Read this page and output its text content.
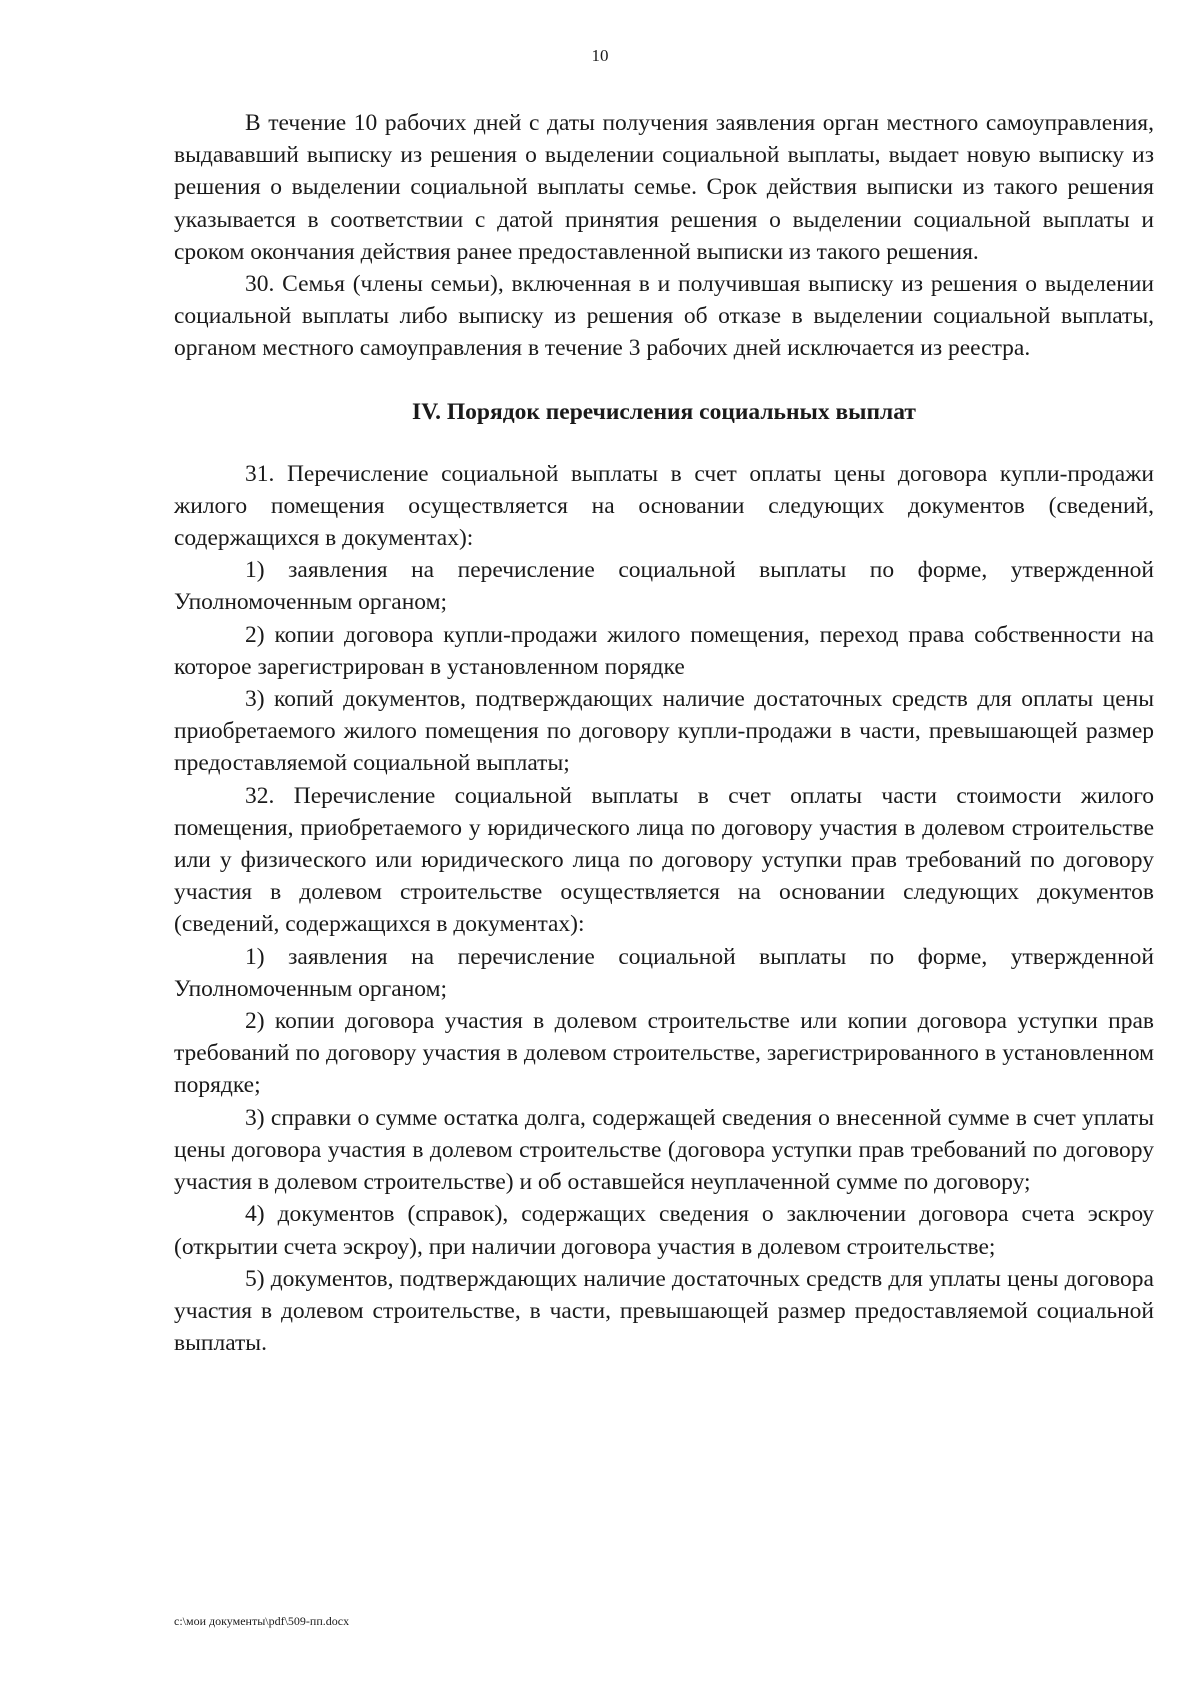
10

В течение 10 рабочих дней с даты получения заявления орган местного самоуправления, выдававший выписку из решения о выделении социальной выплаты, выдает новую выписку из решения о выделении социальной выплаты семье. Срок действия выписки из такого решения указывается в соответствии с датой принятия решения о выделении социальной выплаты и сроком окончания действия ранее предоставленной выписки из такого решения.

30. Семья (члены семьи), включенная в и получившая выписку из решения о выделении социальной выплаты либо выписку из решения об отказе в выделении социальной выплаты, органом местного самоуправления в течение 3 рабочих дней исключается из реестра.

IV. Порядок перечисления социальных выплат

31. Перечисление социальной выплаты в счет оплаты цены договора купли-продажи жилого помещения осуществляется на основании следующих документов (сведений, содержащихся в документах):

1) заявления на перечисление социальной выплаты по форме, утвержденной Уполномоченным органом;

2) копии договора купли-продажи жилого помещения, переход права собственности на которое зарегистрирован в установленном порядке

3) копий документов, подтверждающих наличие достаточных средств для оплаты цены приобретаемого жилого помещения по договору купли-продажи в части, превышающей размер предоставляемой социальной выплаты;

32. Перечисление социальной выплаты в счет оплаты части стоимости жилого помещения, приобретаемого у юридического лица по договору участия в долевом строительстве или у физического или юридического лица по договору уступки прав требований по договору участия в долевом строительстве осуществляется на основании следующих документов (сведений, содержащихся в документах):

1) заявления на перечисление социальной выплаты по форме, утвержденной Уполномоченным органом;

2) копии договора участия в долевом строительстве или копии договора уступки прав требований по договору участия в долевом строительстве, зарегистрированного в установленном порядке;

3) справки о сумме остатка долга, содержащей сведения о внесенной сумме в счет уплаты цены договора участия в долевом строительстве (договора уступки прав требований по договору участия в долевом строительстве) и об оставшейся неуплаченной сумме по договору;

4) документов (справок), содержащих сведения о заключении договора счета эскроу (открытии счета эскроу), при наличии договора участия в долевом строительстве;

5) документов, подтверждающих наличие достаточных средств для уплаты цены договора участия в долевом строительстве, в части, превышающей размер предоставляемой социальной выплаты.

c:\мои документы\pdf\509-пп.docx
